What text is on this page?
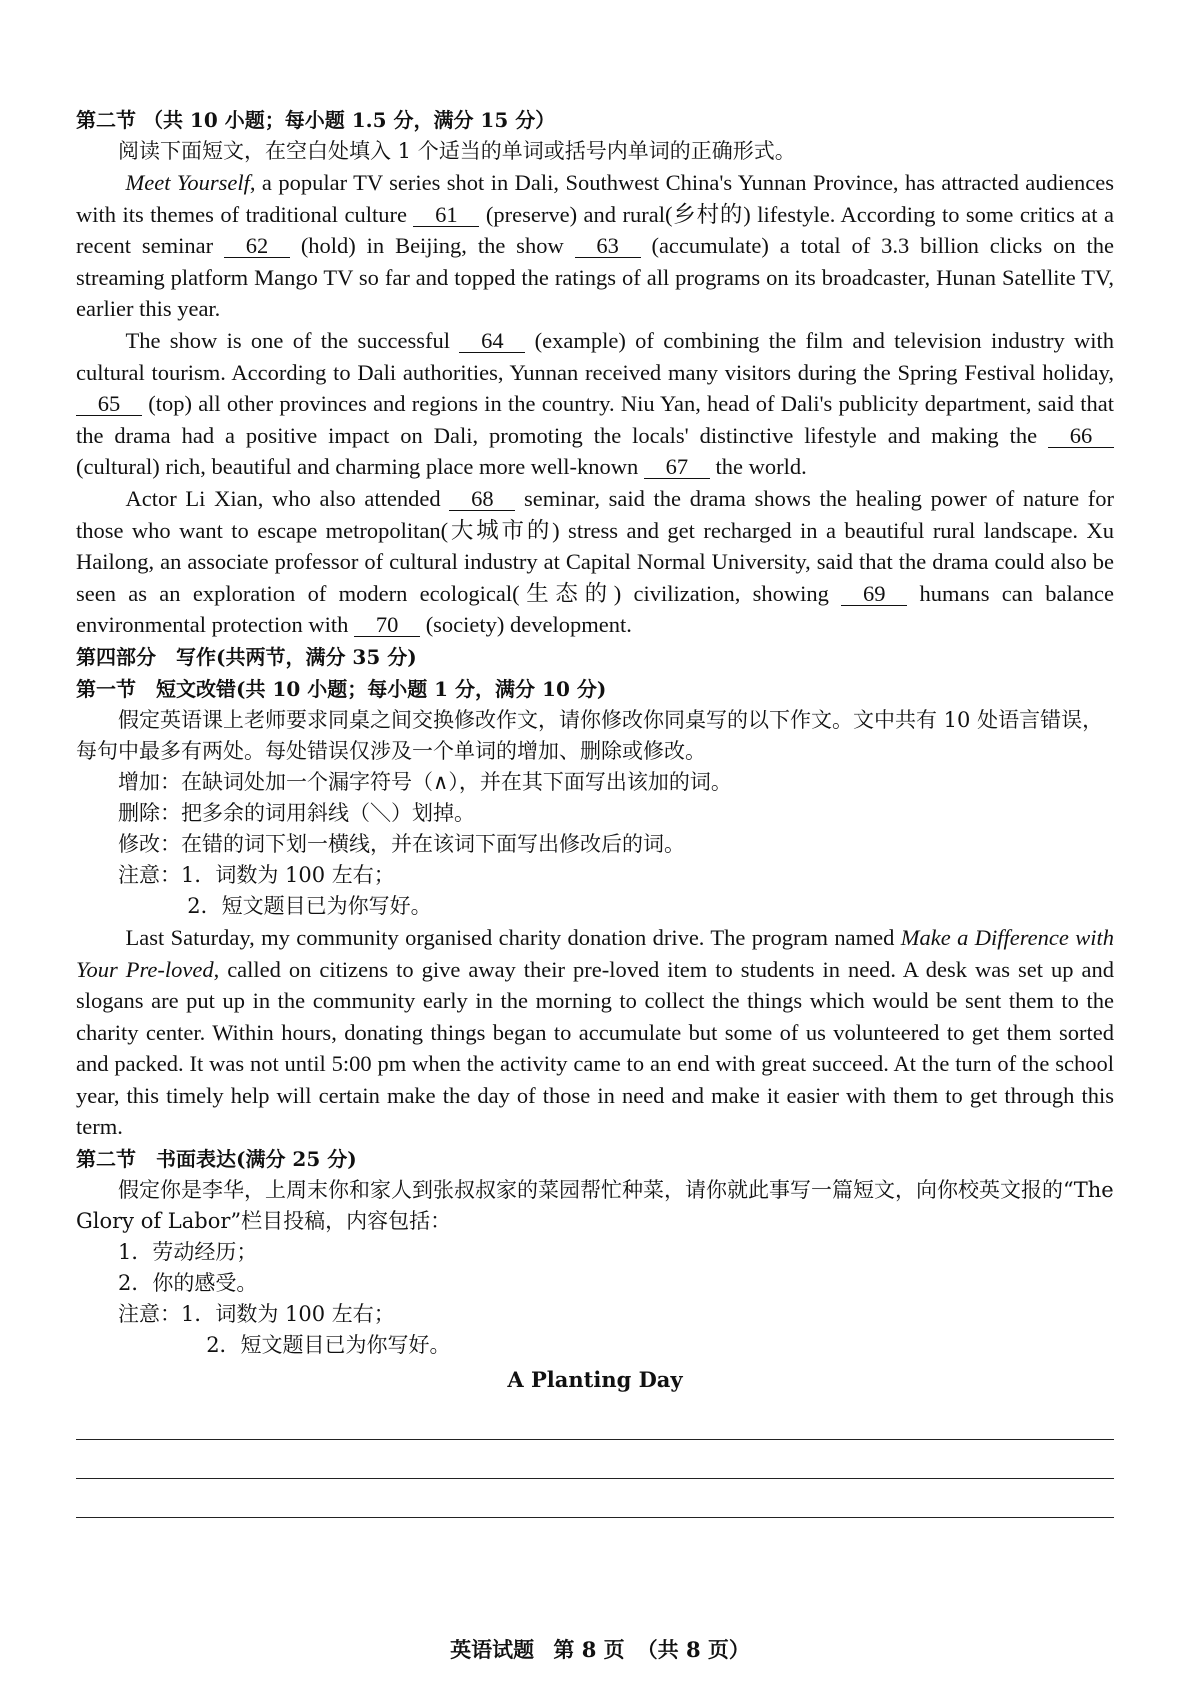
第二节 （共 10 小题；每小题 1.5 分，满分 15 分）

阅读下面短文，在空白处填入 1 个适当的单词或括号内单词的正确形式。

Meet Yourself, a popular TV series shot in Dali, Southwest China's Yunnan Province, has attracted audiences with its themes of traditional culture 61 (preserve) and rural(乡村的) lifestyle. According to some critics at a recent seminar 62 (hold) in Beijing, the show 63 (accumulate) a total of 3.3 billion clicks on the streaming platform Mango TV so far and topped the ratings of all programs on its broadcaster, Hunan Satellite TV, earlier this year.

The show is one of the successful 64 (example) of combining the film and television industry with cultural tourism. According to Dali authorities, Yunnan received many visitors during the Spring Festival holiday, 65 (top) all other provinces and regions in the country. Niu Yan, head of Dali's publicity department, said that the drama had a positive impact on Dali, promoting the locals' distinctive lifestyle and making the 66 (cultural) rich, beautiful and charming place more well-known 67 the world.

Actor Li Xian, who also attended 68 seminar, said the drama shows the healing power of nature for those who want to escape metropolitan(大城市的) stress and get recharged in a beautiful rural landscape. Xu Hailong, an associate professor of cultural industry at Capital Normal University, said that the drama could also be seen as an exploration of modern ecological(生态的) civilization, showing 69 humans can balance environmental protection with 70 (society) development.

第四部分　写作(共两节，满分 35 分)

第一节　短文改错(共 10 小题；每小题 1 分，满分 10 分)

假定英语课上老师要求同桌之间交换修改作文，请你修改你同桌写的以下作文。文中共有 10 处语言错误，每句中最多有两处。每处错误仅涉及一个单词的增加、删除或修改。

增加：在缺词处加一个漏字符号（∧），并在其下面写出该加的词。

删除：把多余的词用斜线（＼）划掉。

修改：在错的词下划一横线，并在该词下面写出修改后的词。

注意：1．词数为 100 左右；

2．短文题目已为你写好。

Last Saturday, my community organised charity donation drive. The program named Make a Difference with Your Pre-loved, called on citizens to give away their pre-loved item to students in need. A desk was set up and slogans are put up in the community early in the morning to collect the things which would be sent them to the charity center. Within hours, donating things began to accumulate but some of us volunteered to get them sorted and packed. It was not until 5:00 pm when the activity came to an end with great succeed. At the turn of the school year, this timely help will certain make the day of those in need and make it easier with them to get through this term.

第二节　书面表达(满分 25 分)

假定你是李华，上周末你和家人到张叔叔家的菜园帮忙种菜，请你就此事写一篇短文，向你校英文报的“The Glory of Labor”栏目投稿，内容包括：

1．劳动经历；

2．你的感受。

注意：1．词数为 100 左右；

2．短文题目已为你写好。

A Planting Day

英语试题 第 8 页 （共 8 页）
